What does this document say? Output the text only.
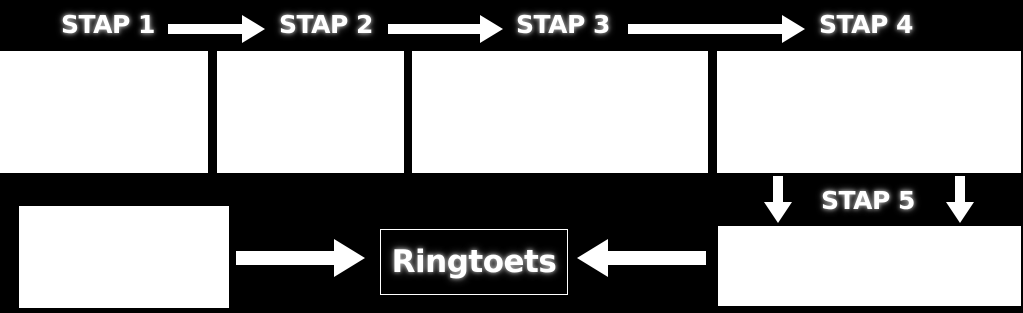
STAP 1	STAP 2	STAP 3	STAP 4
STAP 5
Ringtoets
